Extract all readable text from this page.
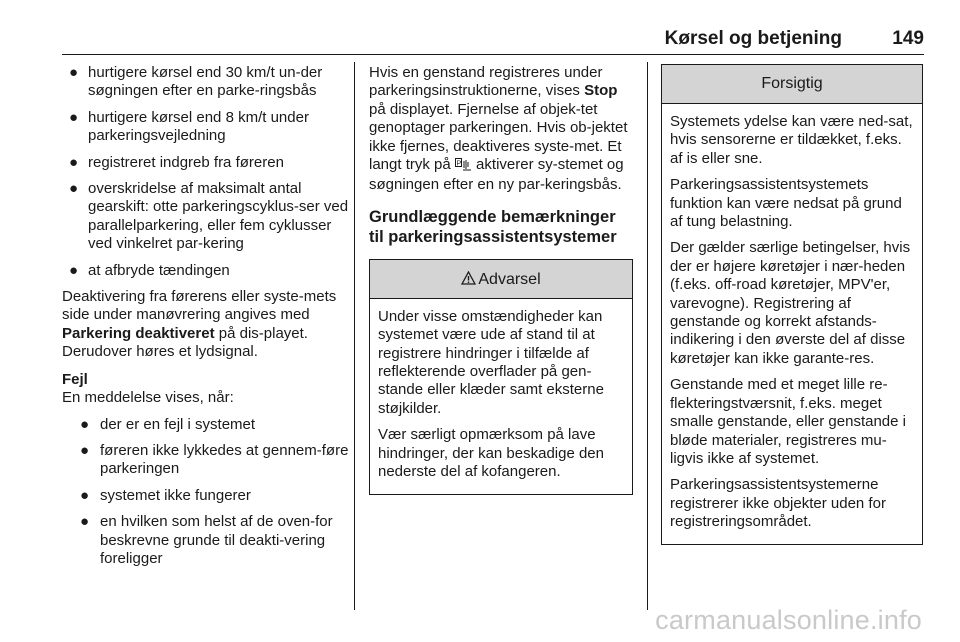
Kørsel og betjening	149
● hurtigere kørsel end 30 km/t un-der søgningen efter en parke-ringsbås
● hurtigere kørsel end 8 km/t under parkeringsvejledning
● registreret indgreb fra føreren
● overskridelse af maksimalt antal gearskift: otte parkeringscyklus-ser ved parallelparkering, eller fem cyklusser ved vinkelret par-kering
● at afbryde tændingen

Deaktivering fra førerens eller syste-mets side under manøvrering angives med Parkering deaktiveret på dis-playet. Derudover høres et lydsignal.

Fejl
En meddelelse vises, når:
● der er en fejl i systemet
● føreren ikke lykkedes at gennem-føre parkeringen
● systemet ikke fungerer
● en hvilken som helst af de oven-for beskrevne grunde til deakti-vering foreligger

Hvis en genstand registreres under parkeringsinstruktionerne, vises Stop på displayet. Fjernelse af objek-tet genoptager parkeringen. Hvis ob-jektet ikke fjernes, deaktiveres syste-met. Et langt tryk på P aktiverer sy-stemet og søgningen efter en ny par-keringsbås.

Grundlæggende bemærkninger til parkeringsassistentsystemer
Advarsel

Under visse omstændigheder kan systemet være ude af stand til at registrere hindringer i tilfælde af reflekterende overflader på gen-stande eller klæder samt eksterne støjkilder.

Vær særligt opmærksom på lave hindringer, der kan beskadige den nederste del af kofangeren.

Forsigtig

Systemets ydelse kan være ned-sat, hvis sensorerne er tildækket, f.eks. af is eller sne.

Parkeringsassistentsystemets funktion kan være nedsat på grund af tung belastning.

Der gælder særlige betingelser, hvis der er højere køretøjer i nær-heden (f.eks. off-road køretøjer, MPV'er, varevogne). Registrering af genstande og korrekt afstands-indikering i den øverste del af disse køretøjer kan ikke garante-res.

Genstande med et meget lille re-flekteringstværsnit, f.eks. meget smalle genstande, eller genstande i bløde materialer, registreres mu-ligvis ikke af systemet.

Parkeringsassistentsystemerne registrerer ikke objekter uden for registreringsområdet.

carmanualsonline.info
